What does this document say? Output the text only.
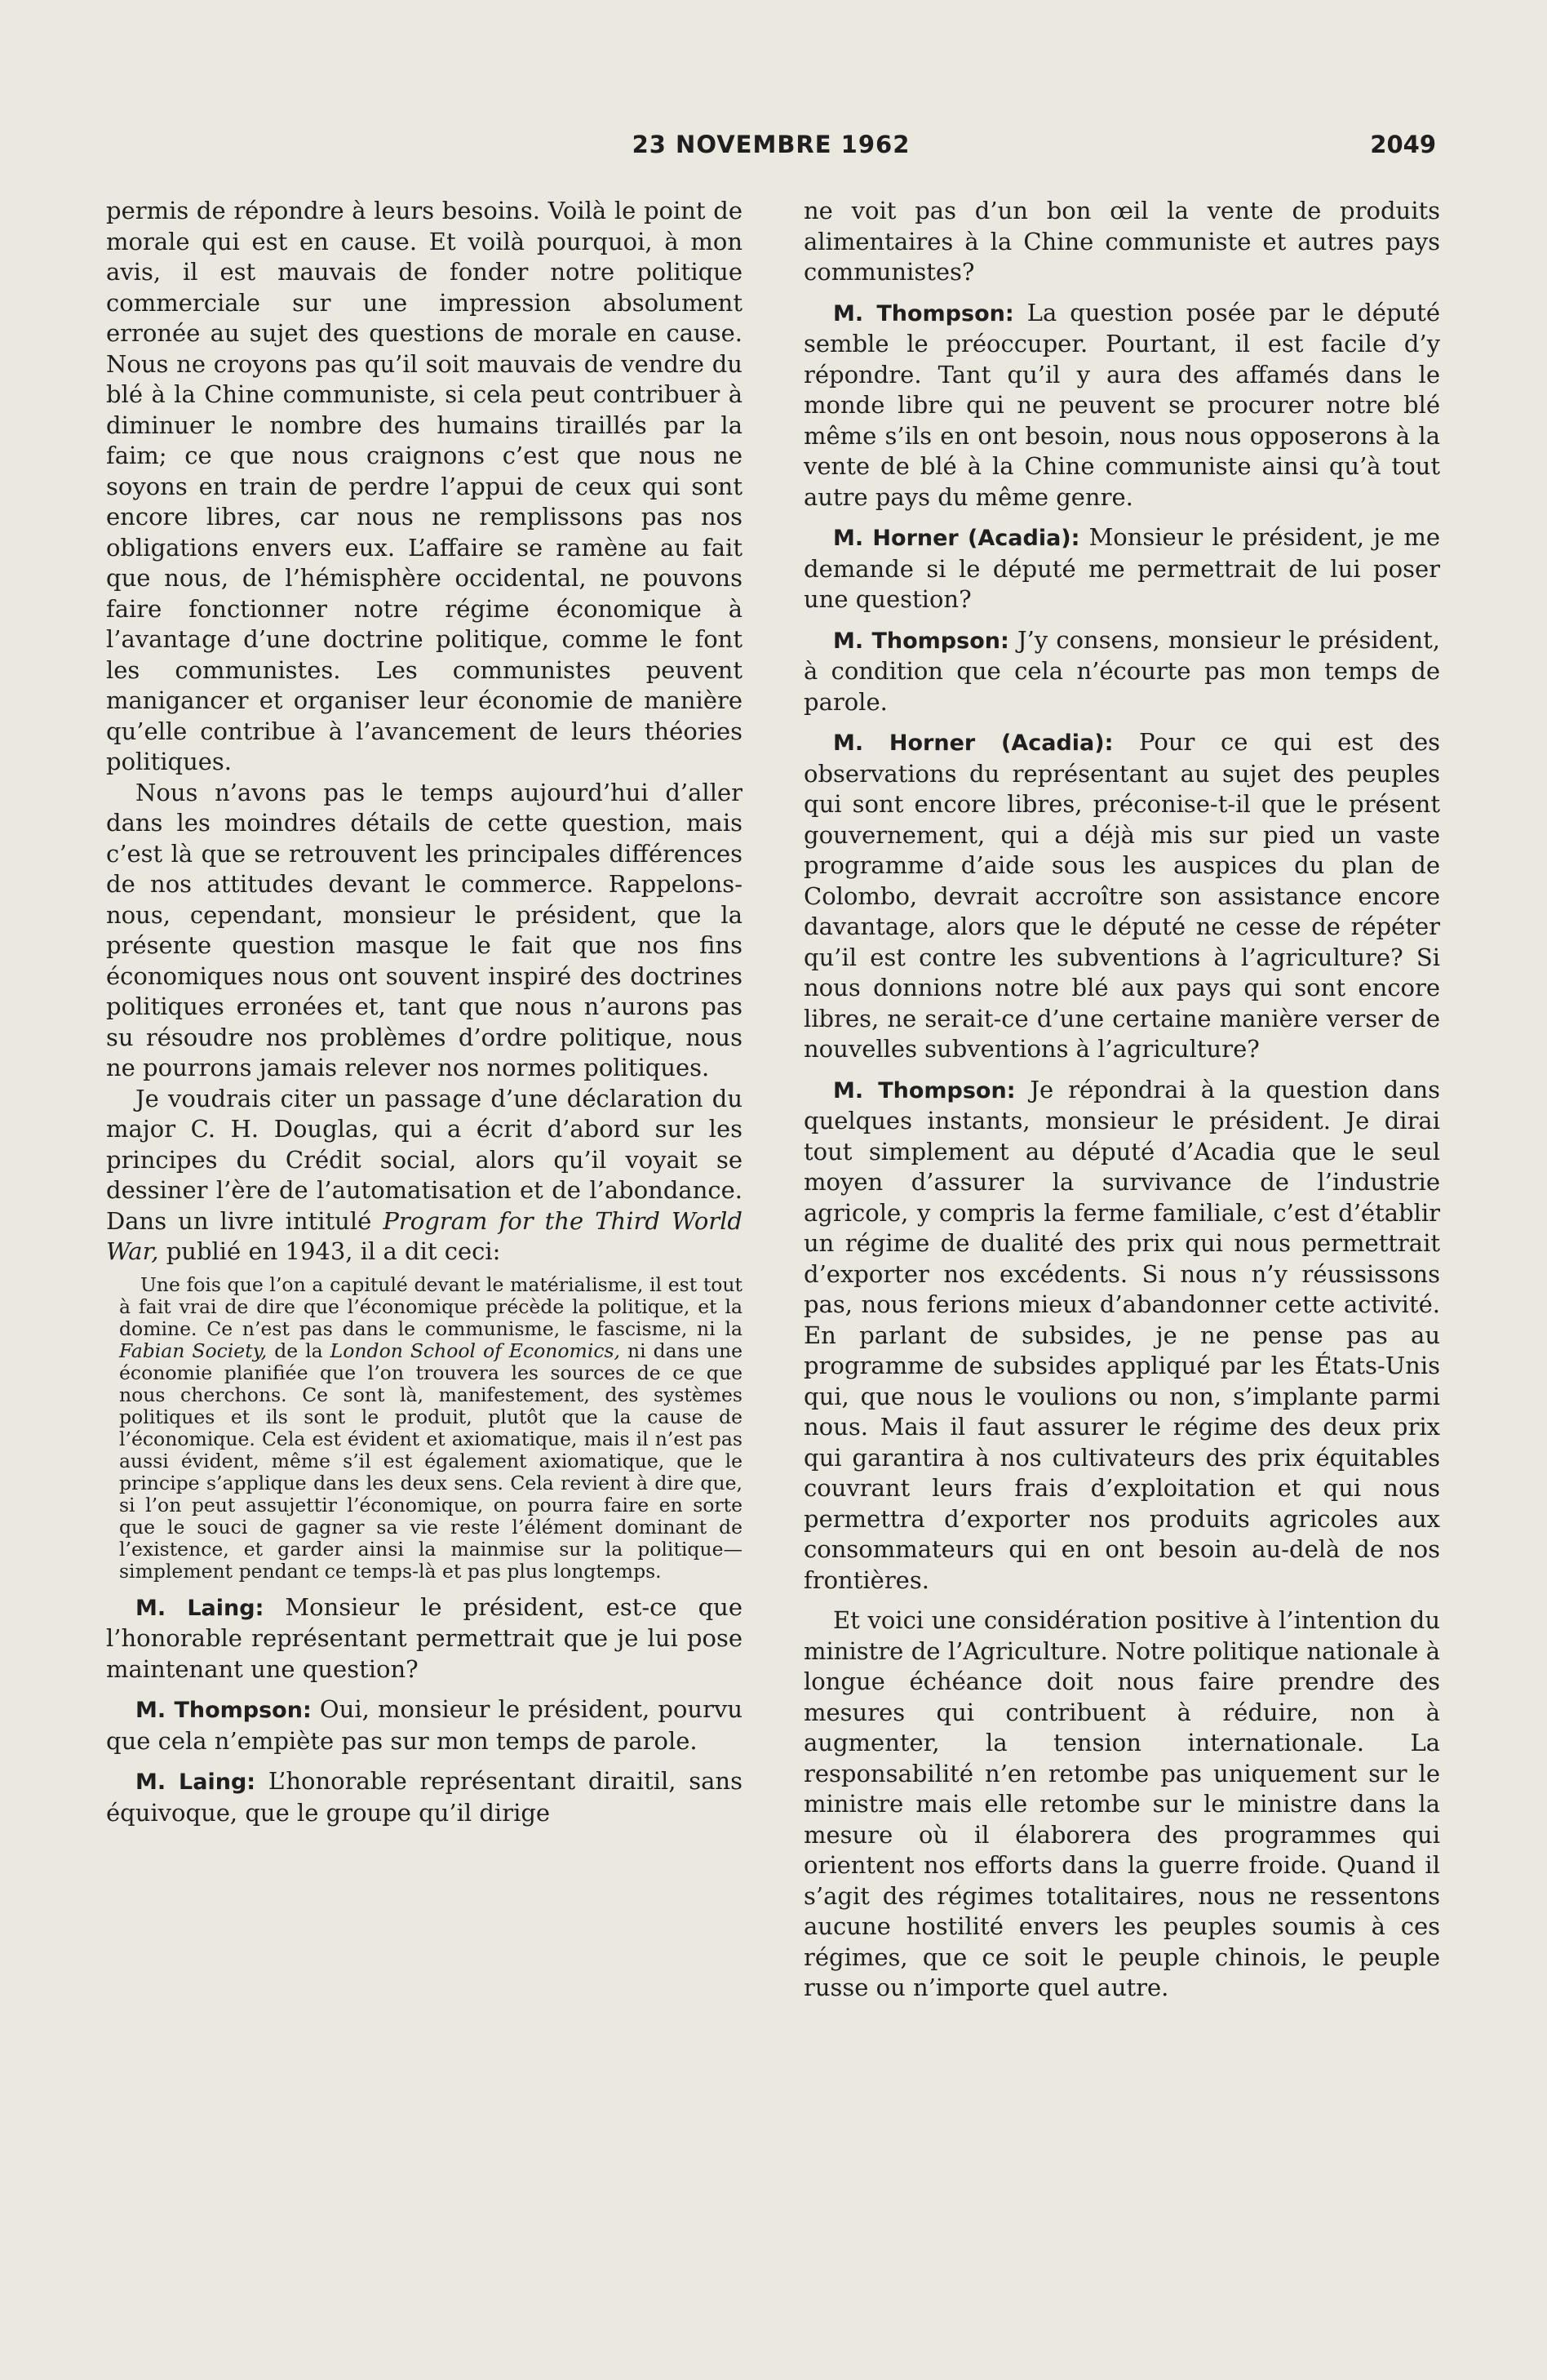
23 NOVEMBRE 1962	2049

permis de répondre à leurs besoins. Voilà le point de morale qui est en cause. Et voilà pourquoi, à mon avis, il est mauvais de fonder notre politique commerciale sur une impression absolument erronée au sujet des questions de morale en cause. Nous ne croyons pas qu’il soit mauvais de vendre du blé à la Chine communiste, si cela peut contribuer à diminuer le nombre des humains tiraillés par la faim; ce que nous craignons c’est que nous ne soyons en train de perdre l’appui de ceux qui sont encore libres, car nous ne remplissons pas nos obligations envers eux. L’affaire se ramène au fait que nous, de l’hémisphère occidental, ne pouvons faire fonctionner notre régime économique à l’avantage d’une doctrine politique, comme le font les communistes. Les communistes peuvent manigancer et organiser leur économie de manière qu’elle contribue à l’avancement de leurs théories politiques.

Nous n’avons pas le temps aujourd’hui d’aller dans les moindres détails de cette question, mais c’est là que se retrouvent les principales différences de nos attitudes devant le commerce. Rappelons-nous, cependant, monsieur le président, que la présente question masque le fait que nos fins économiques nous ont souvent inspiré des doctrines politiques erronées et, tant que nous n’aurons pas su résoudre nos problèmes d’ordre politique, nous ne pourrons jamais relever nos normes politiques.

Je voudrais citer un passage d’une déclaration du major C. H. Douglas, qui a écrit d’abord sur les principes du Crédit social, alors qu’il voyait se dessiner l’ère de l’automatisation et de l’abondance. Dans un livre intitulé Program for the Third World War, publié en 1943, il a dit ceci:

Une fois que l’on a capitulé devant le matérialisme, il est tout à fait vrai de dire que l’économique précède la politique, et la domine. Ce n’est pas dans le communisme, le fascisme, ni la Fabian Society, de la London School of Economics, ni dans une économie planifiée que l’on trouvera les sources de ce que nous cherchons. Ce sont là, manifestement, des systèmes politiques et ils sont le produit, plutôt que la cause de l’économique. Cela est évident et axiomatique, mais il n’est pas aussi évident, même s’il est également axiomatique, que le principe s’applique dans les deux sens. Cela revient à dire que, si l’on peut assujettir l’économique, on pourra faire en sorte que le souci de gagner sa vie reste l’élément dominant de l’existence, et garder ainsi la mainmise sur la politique—simplement pendant ce temps-là et pas plus longtemps.

M. Laing: Monsieur le président, est-ce que l’honorable représentant permettrait que je lui pose maintenant une question?

M. Thompson: Oui, monsieur le président, pourvu que cela n’empiète pas sur mon temps de parole.

M. Laing: L’honorable représentant diraitil, sans équivoque, que le groupe qu’il dirige

ne voit pas d’un bon œil la vente de produits alimentaires à la Chine communiste et autres pays communistes?

M. Thompson: La question posée par le député semble le préoccuper. Pourtant, il est facile d’y répondre. Tant qu’il y aura des affamés dans le monde libre qui ne peuvent se procurer notre blé même s’ils en ont besoin, nous nous opposerons à la vente de blé à la Chine communiste ainsi qu’à tout autre pays du même genre.

M. Horner (Acadia): Monsieur le président, je me demande si le député me permettrait de lui poser une question?

M. Thompson: J’y consens, monsieur le président, à condition que cela n’écourte pas mon temps de parole.

M. Horner (Acadia): Pour ce qui est des observations du représentant au sujet des peuples qui sont encore libres, préconise-t-il que le présent gouvernement, qui a déjà mis sur pied un vaste programme d’aide sous les auspices du plan de Colombo, devrait accroître son assistance encore davantage, alors que le député ne cesse de répéter qu’il est contre les subventions à l’agriculture? Si nous donnions notre blé aux pays qui sont encore libres, ne serait-ce d’une certaine manière verser de nouvelles subventions à l’agriculture?

M. Thompson: Je répondrai à la question dans quelques instants, monsieur le président. Je dirai tout simplement au député d’Acadia que le seul moyen d’assurer la survivance de l’industrie agricole, y compris la ferme familiale, c’est d’établir un régime de dualité des prix qui nous permettrait d’exporter nos excédents. Si nous n’y réussissons pas, nous ferions mieux d’abandonner cette activité. En parlant de subsides, je ne pense pas au programme de subsides appliqué par les États-Unis qui, que nous le voulions ou non, s’implante parmi nous. Mais il faut assurer le régime des deux prix qui garantira à nos cultivateurs des prix équitables couvrant leurs frais d’exploitation et qui nous permettra d’exporter nos produits agricoles aux consommateurs qui en ont besoin au-delà de nos frontières.

Et voici une considération positive à l’intention du ministre de l’Agriculture. Notre politique nationale à longue échéance doit nous faire prendre des mesures qui contribuent à réduire, non à augmenter, la tension internationale. La responsabilité n’en retombe pas uniquement sur le ministre mais elle retombe sur le ministre dans la mesure où il élaborera des programmes qui orientent nos efforts dans la guerre froide. Quand il s’agit des régimes totalitaires, nous ne ressentons aucune hostilité envers les peuples soumis à ces régimes, que ce soit le peuple chinois, le peuple russe ou n’importe quel autre.
